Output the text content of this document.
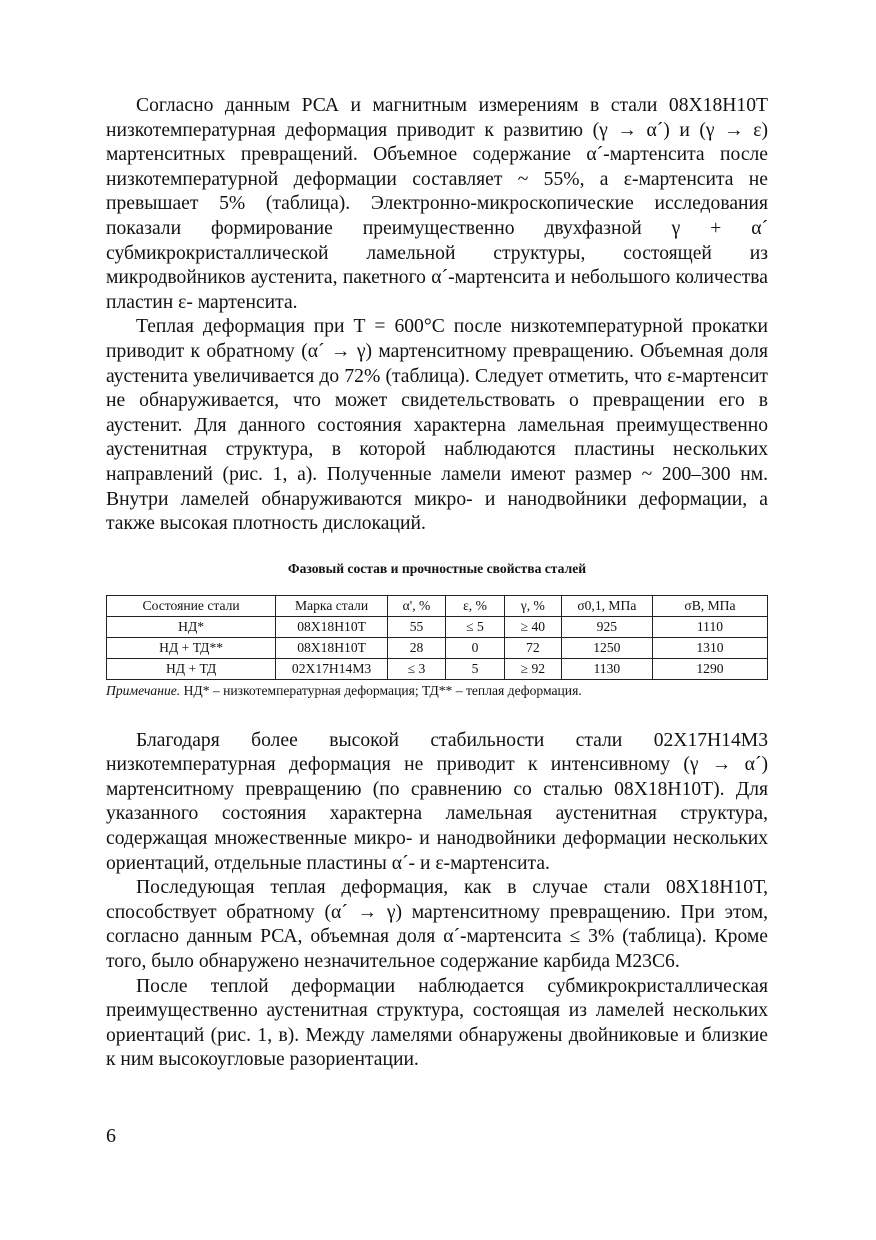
Согласно данным РСА и магнитным измерениям в стали 08Х18Н10Т низкотемпературная деформация приводит к развитию (γ → α´) и (γ → ε) мартенситных превращений. Объемное содержание α´-мартенсита после низкотемпературной деформации составляет ~ 55%, а ε-мартенсита не превышает 5% (таблица). Электронно-микроскопические исследования показали формирование преимущественно двухфазной γ + α´ субмикрокристаллической ламельной структуры, состоящей из микродвойников аустенита, пакетного α´-мартенсита и небольшого количества пластин ε- мартенсита.

Теплая деформация при Т = 600°С после низкотемпературной прокатки приводит к обратному (α´ → γ) мартенситному превращению. Объемная доля аустенита увеличивается до 72% (таблица). Следует отметить, что ε-мартенсит не обнаруживается, что может свидетельствовать о превращении его в аустенит. Для данного состояния характерна ламельная преимущественно аустенитная структура, в которой наблюдаются пластины нескольких направлений (рис. 1, а). Полученные ламели имеют размер ~ 200–300 нм. Внутри ламелей обнаруживаются микро- и нанодвойники деформации, а также высокая плотность дислокаций.

Фазовый состав и прочностные свойства сталей
Состояние стали	Марка стали	α', %	ε, %	γ, %	σ0,1, МПа	σВ, МПа
НД*	08Х18Н10Т	55	≤ 5	≥ 40	925	1110
НД + ТД**	08Х18Н10Т	28	0	72	1250	1310
НД + ТД	02Х17Н14М3	≤ 3	5	≥ 92	1130	1290

Примечание. НД* – низкотемпературная деформация; ТД** – теплая деформация.

Благодаря более высокой стабильности стали 02Х17Н14М3 низкотемпературная деформация не приводит к интенсивному (γ → α´) мартенситному превращению (по сравнению со сталью 08Х18Н10Т). Для указанного состояния характерна ламельная аустенитная структура, содержащая множественные микро- и нанодвойники деформации нескольких ориентаций, отдельные пластины α´- и ε-мартенсита.

Последующая теплая деформация, как в случае стали 08Х18Н10Т, способствует обратному (α´ → γ) мартенситному превращению. При этом, согласно данным РСА, объемная доля α´-мартенсита ≤ 3% (таблица). Кроме того, было обнаружено незначительное содержание карбида M23C6.

После теплой деформации наблюдается субмикрокристаллическая преимущественно аустенитная структура, состоящая из ламелей нескольких ориентаций (рис. 1, в). Между ламелями обнаружены двойниковые и близкие к ним высокоугловые разориентации.

6
